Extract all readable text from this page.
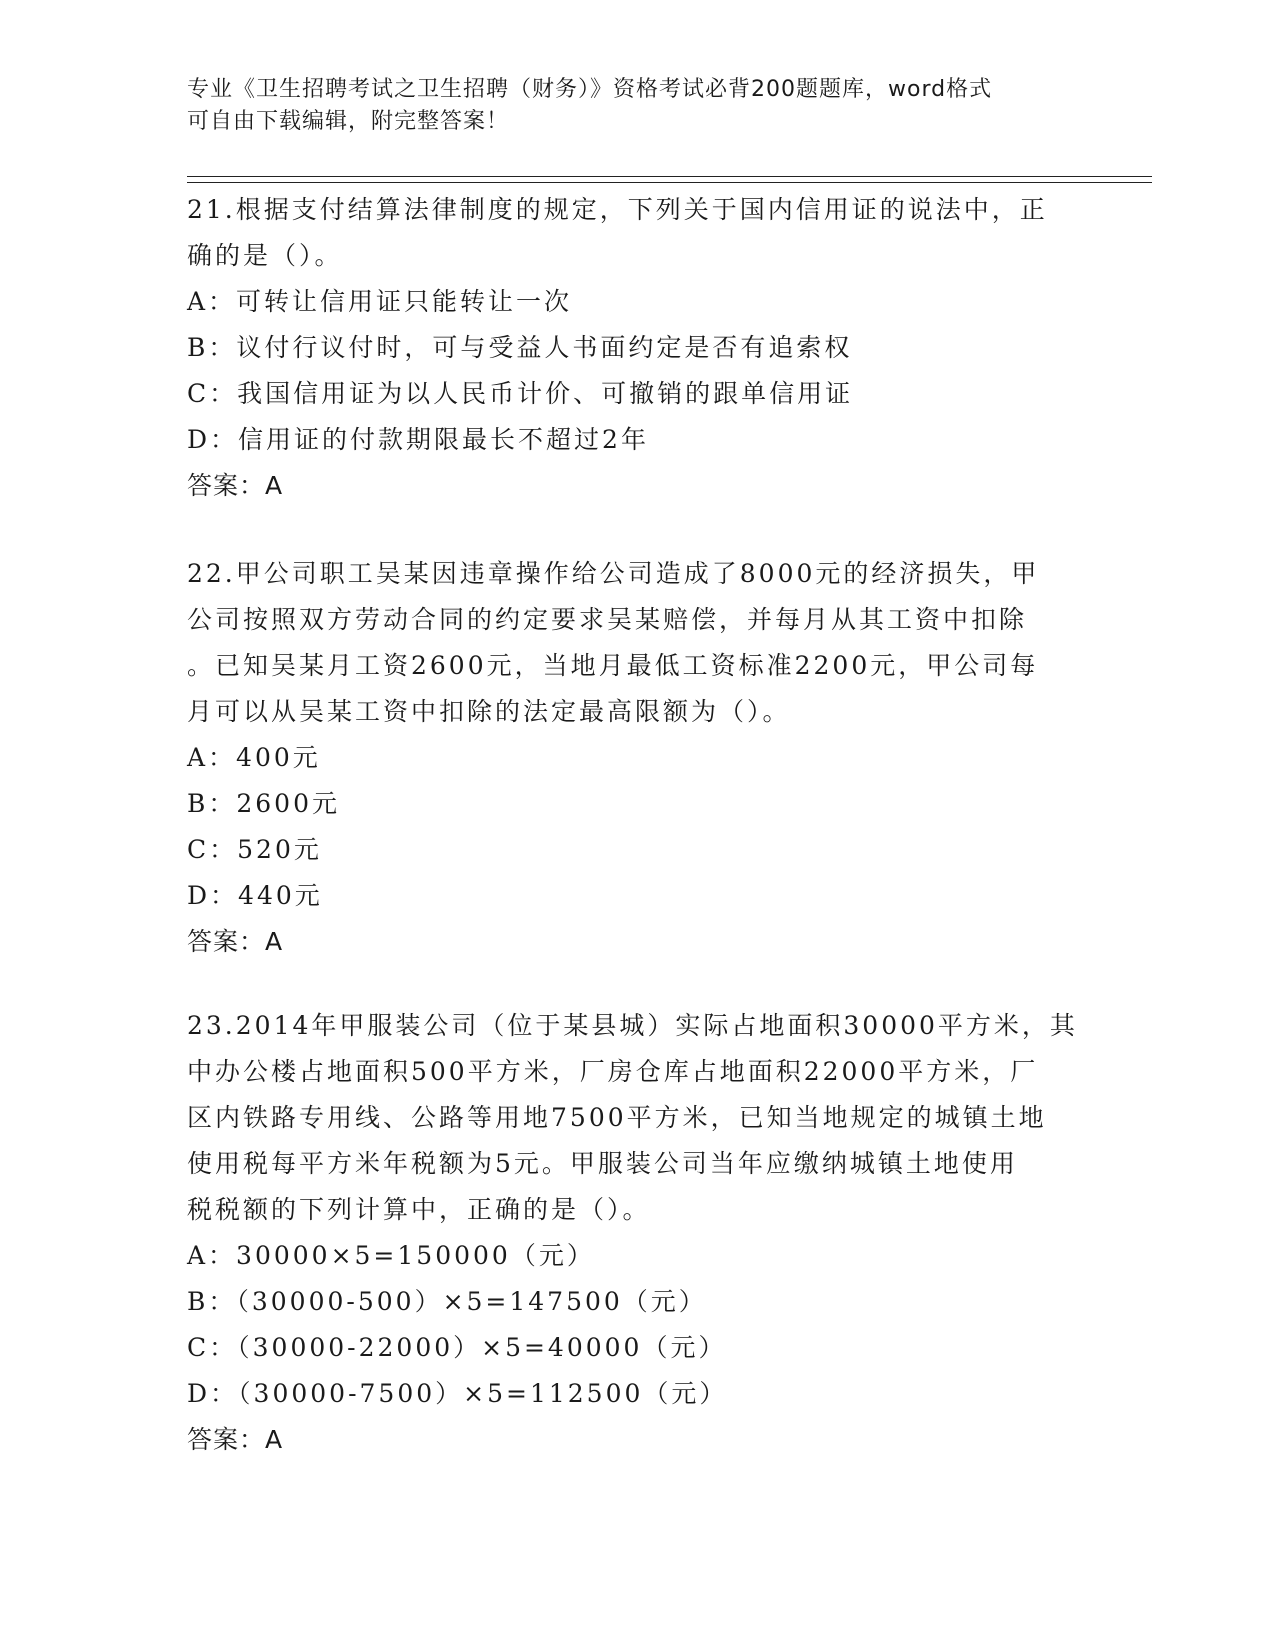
专业《卫生招聘考试之卫生招聘（财务）》资格考试必背200题题库，word格式
可自由下载编辑，附完整答案！
21.根据支付结算法律制度的规定，下列关于国内信用证的说法中，正
确的是（）。
A：可转让信用证只能转让一次
B：议付行议付时，可与受益人书面约定是否有追索权
C：我国信用证为以人民币计价、可撤销的跟单信用证
D：信用证的付款期限最长不超过2年
答案：A
22.甲公司职工吴某因违章操作给公司造成了8000元的经济损失，甲
公司按照双方劳动合同的约定要求吴某赔偿，并每月从其工资中扣除
。已知吴某月工资2600元，当地月最低工资标准2200元，甲公司每
月可以从吴某工资中扣除的法定最高限额为（）。
A：400元
B：2600元
C：520元
D：440元
答案：A
23.2014年甲服装公司（位于某县城）实际占地面积30000平方米，其
中办公楼占地面积500平方米，厂房仓库占地面积22000平方米，厂
区内铁路专用线、公路等用地7500平方米，已知当地规定的城镇土地
使用税每平方米年税额为5元。甲服装公司当年应缴纳城镇土地使用
税税额的下列计算中，正确的是（）。
A：30000×5=150000（元）
B：（30000-500）×5=147500（元）
C：（30000-22000）×5=40000（元）
D：（30000-7500）×5=112500（元）
答案：A
